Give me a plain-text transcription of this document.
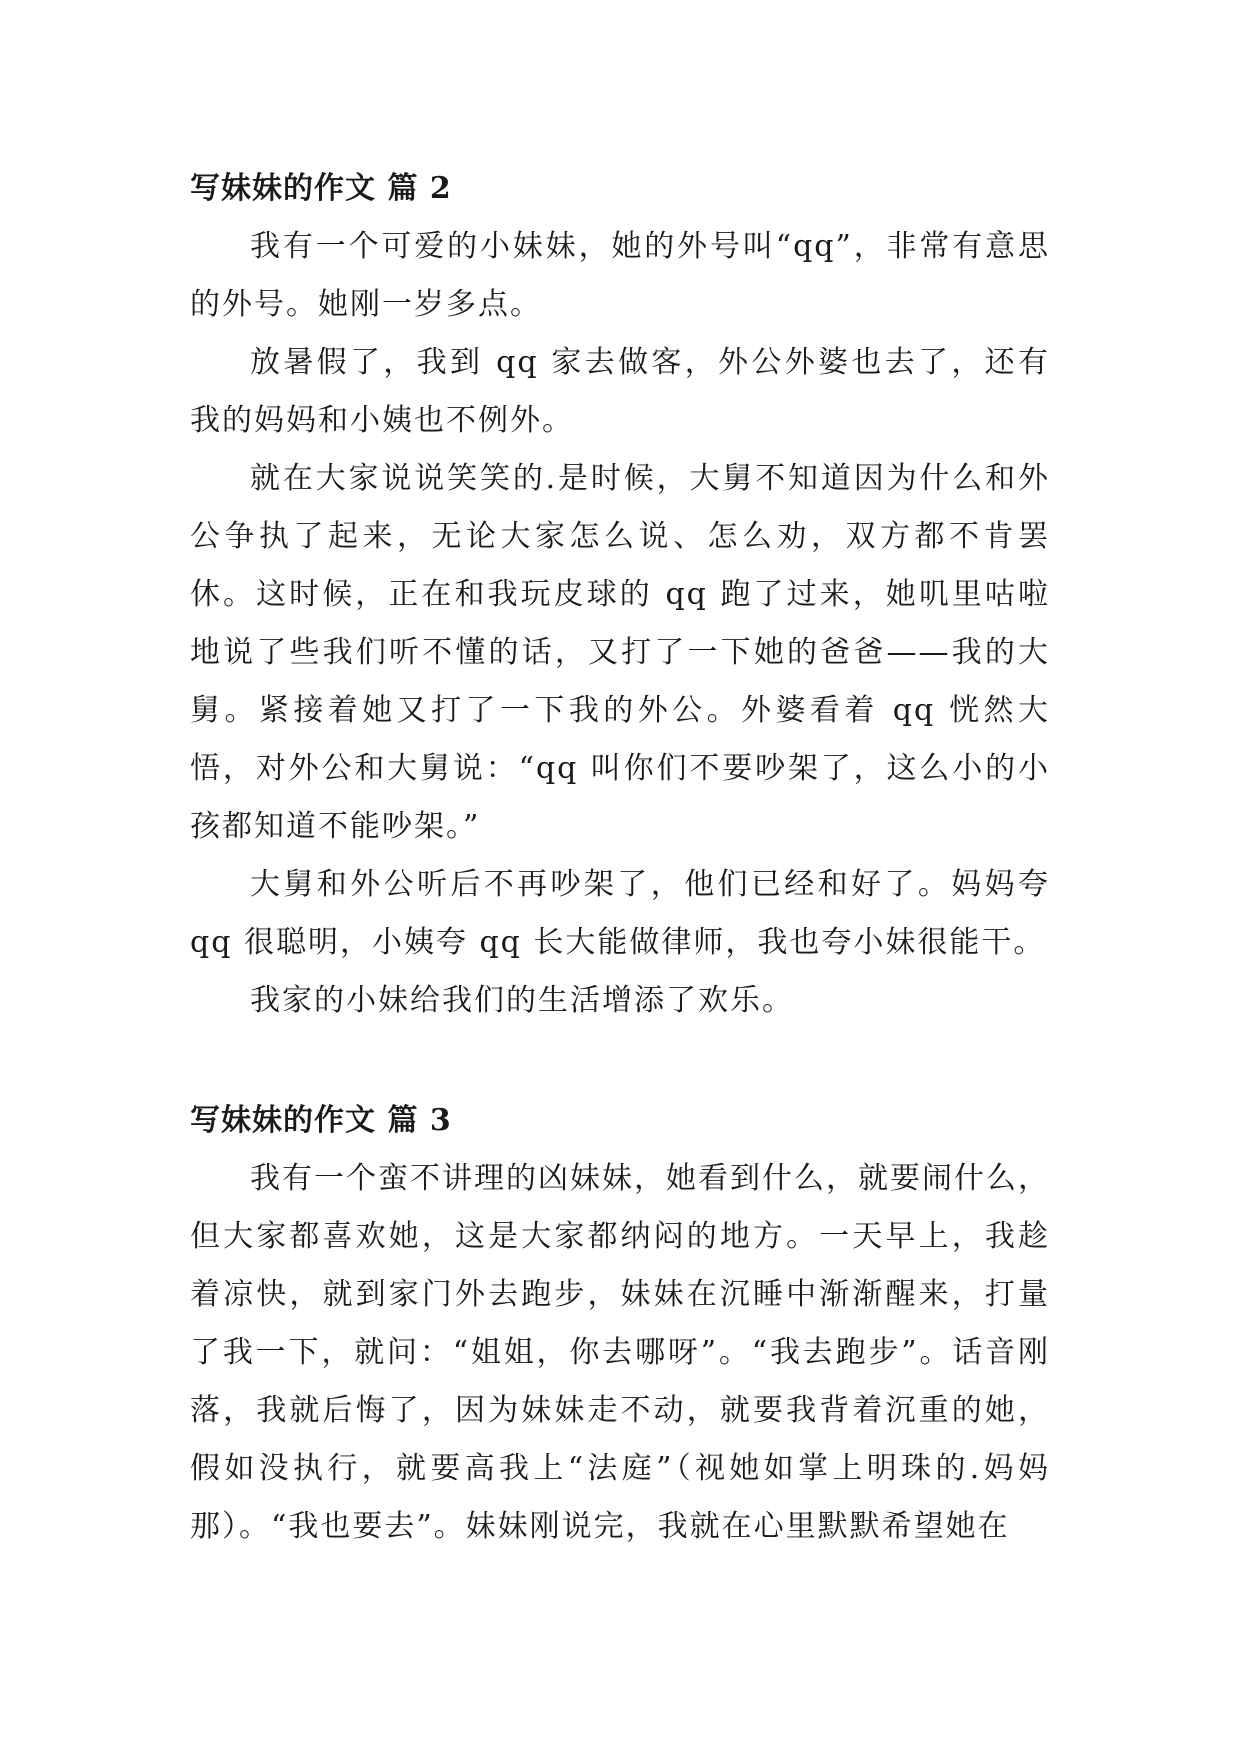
写妹妹的作文 篇 2

我有一个可爱的小妹妹，她的外号叫“qq”，非常有意思的外号。她刚一岁多点。

放暑假了，我到 qq 家去做客，外公外婆也去了，还有我的妈妈和小姨也不例外。

就在大家说说笑笑的.是时候，大舅不知道因为什么和外公争执了起来，无论大家怎么说、怎么劝，双方都不肯罢休。这时候，正在和我玩皮球的 qq 跑了过来，她叽里咕啦地说了些我们听不懂的话，又打了一下她的爸爸——我的大舅。紧接着她又打了一下我的外公。外婆看着 qq 恍然大悟，对外公和大舅说：“qq 叫你们不要吵架了，这么小的小孩都知道不能吵架。”

大舅和外公听后不再吵架了，他们已经和好了。妈妈夸 qq 很聪明，小姨夸 qq 长大能做律师，我也夸小妹很能干。

我家的小妹给我们的生活增添了欢乐。

写妹妹的作文 篇 3

我有一个蛮不讲理的凶妹妹，她看到什么，就要闹什么，但大家都喜欢她，这是大家都纳闷的地方。一天早上，我趁着凉快，就到家门外去跑步，妹妹在沉睡中渐渐醒来，打量了我一下，就问：“姐姐，你去哪呀”。“我去跑步”。话音刚落，我就后悔了，因为妹妹走不动，就要我背着沉重的她，假如没执行，就要高我上“法庭”（视她如掌上明珠的.妈妈那）。“我也要去”。妹妹刚说完，我就在心里默默希望她在
